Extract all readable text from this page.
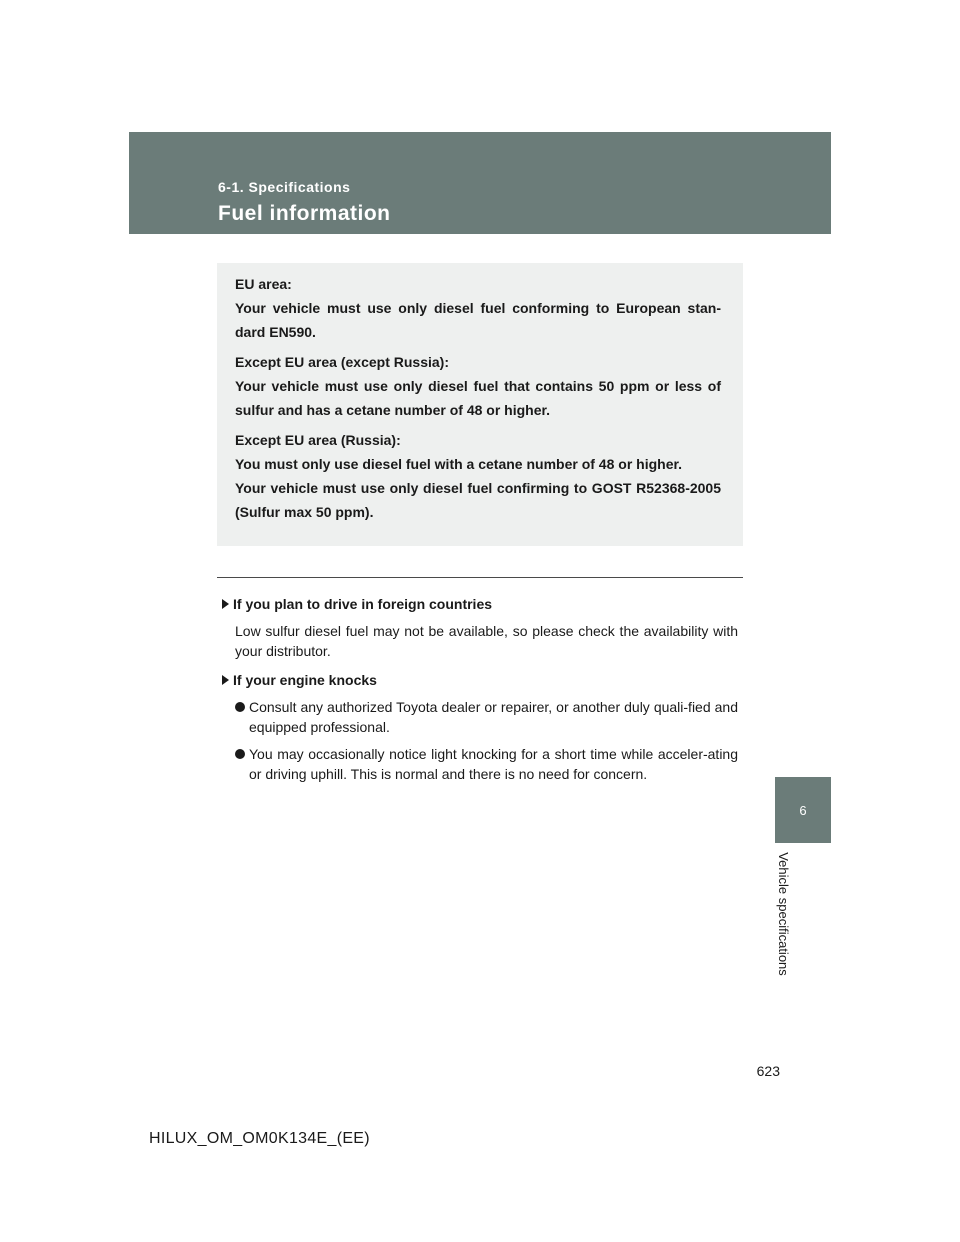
6-1. Specifications
Fuel information

EU area:

Your vehicle must use only diesel fuel conforming to European stan-dard EN590.

Except EU area (except Russia):

Your vehicle must use only diesel fuel that contains 50 ppm or less of sulfur and has a cetane number of 48 or higher.

Except EU area (Russia):

You must only use diesel fuel with a cetane number of 48 or higher.

Your vehicle must use only diesel fuel confirming to GOST R52368-2005 (Sulfur max 50 ppm).

If you plan to drive in foreign countries

Low sulfur diesel fuel may not be available, so please check the availability with your distributor.

If your engine knocks

Consult any authorized Toyota dealer or repairer, or another duly quali-fied and equipped professional.
You may occasionally notice light knocking for a short time while acceler-ating or driving uphill. This is normal and there is no need for concern.
6
Vehicle specifications
623
HILUX_OM_OM0K134E_(EE)
